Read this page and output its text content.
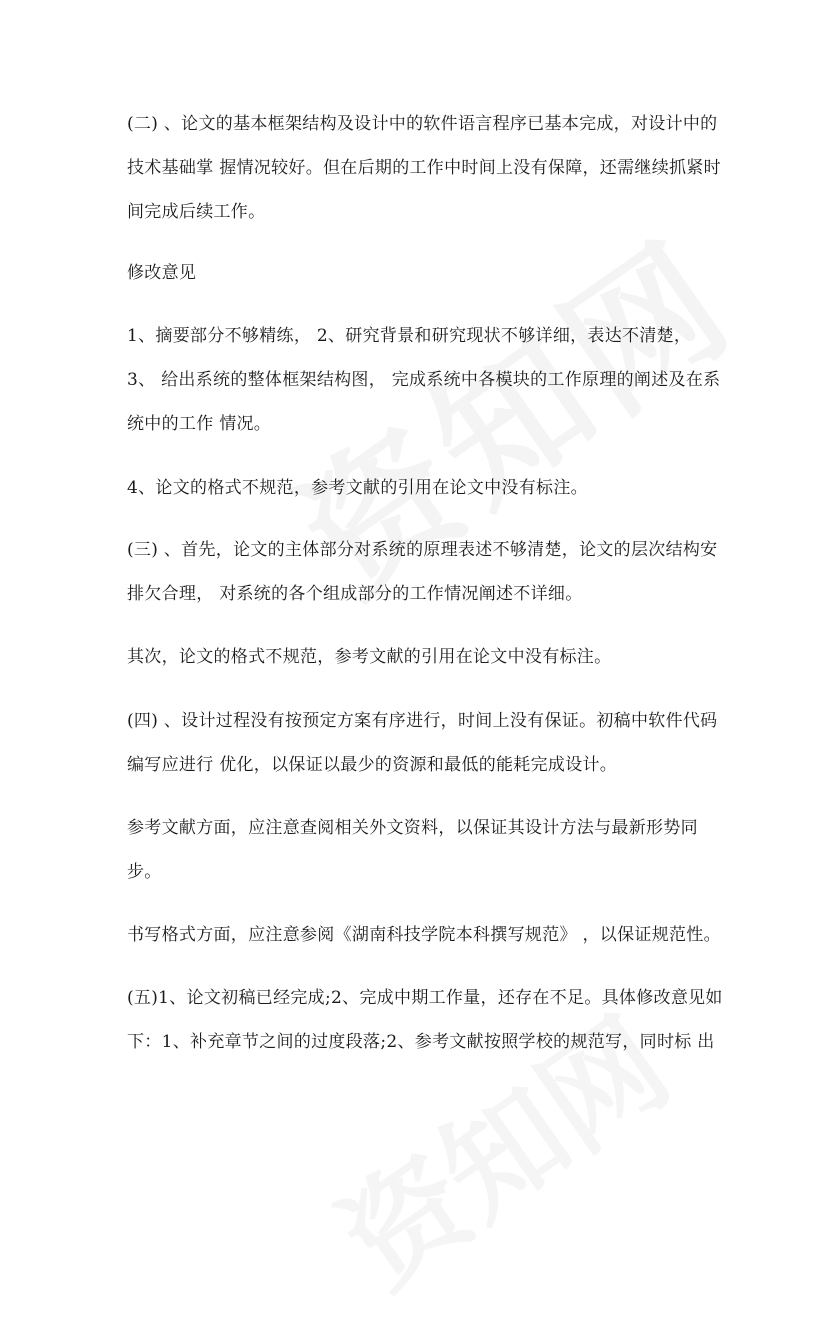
(二) 、论文的基本框架结构及设计中的软件语言程序已基本完成，对设计中的
技术基础掌 握情况较好。但在后期的工作中时间上没有保障，还需继续抓紧时
间完成后续工作。
修改意见
1、摘要部分不够精练， 2、研究背景和研究现状不够详细，表达不清楚，
3、 给出系统的整体框架结构图， 完成系统中各模块的工作原理的阐述及在系
统中的工作 情况。
4、论文的格式不规范，参考文献的引用在论文中没有标注。
(三) 、首先，论文的主体部分对系统的原理表述不够清楚，论文的层次结构安
排欠合理， 对系统的各个组成部分的工作情况阐述不详细。
其次，论文的格式不规范，参考文献的引用在论文中没有标注。
(四) 、设计过程没有按预定方案有序进行，时间上没有保证。初稿中软件代码
编写应进行 优化，以保证以最少的资源和最低的能耗完成设计。
参考文献方面，应注意查阅相关外文资料，以保证其设计方法与最新形势同
步。
书写格式方面，应注意参阅《湖南科技学院本科撰写规范》 ，以保证规范性。
(五)1、论文初稿已经完成;2、完成中期工作量，还存在不足。具体修改意见如
下：1、补充章节之间的过度段落;2、参考文献按照学校的规范写，同时标 出
